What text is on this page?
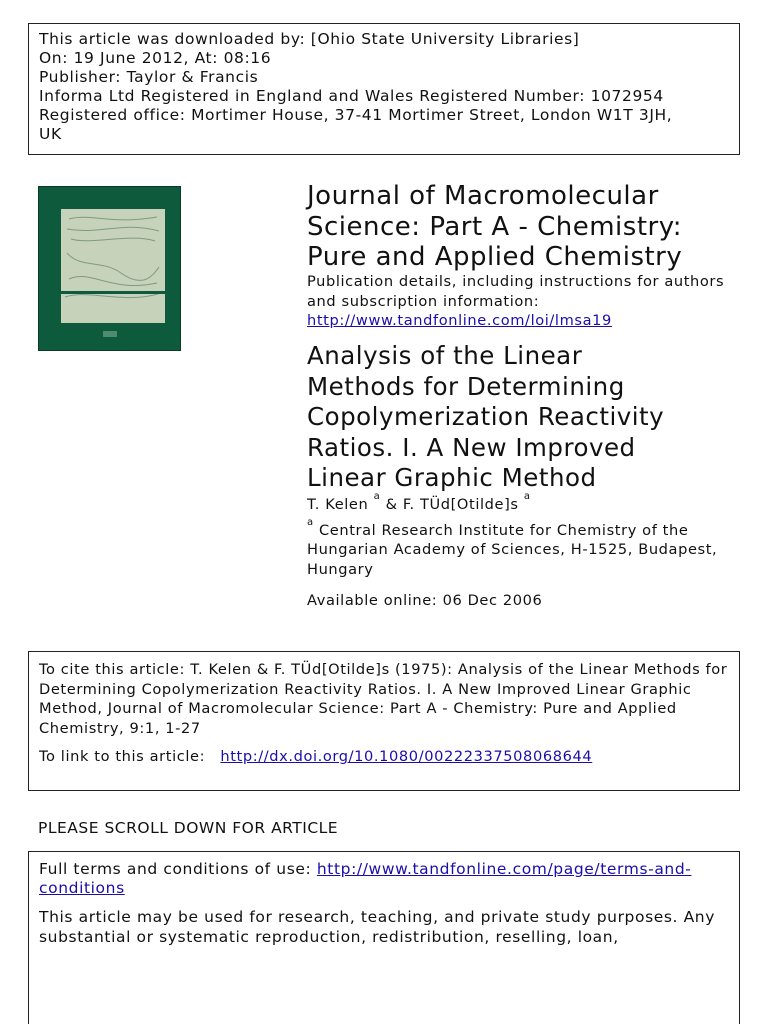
This article was downloaded by: [Ohio State University Libraries]
On: 19 June 2012, At: 08:16
Publisher: Taylor & Francis
Informa Ltd Registered in England and Wales Registered Number: 1072954
Registered office: Mortimer House, 37-41 Mortimer Street, London W1T 3JH,
UK
Journal of Macromolecular
Science: Part A - Chemistry:
Pure and Applied Chemistry
Publication details, including instructions for authors and subscription information:
http://www.tandfonline.com/loi/lmsa19
Analysis of the Linear
Methods for Determining
Copolymerization Reactivity
Ratios. I. A New Improved
Linear Graphic Method
T. Kelen $^a$ & F. TÜd[Otilde]s $^a$
$^a$ Central Research Institute for Chemistry of the Hungarian Academy of Sciences, H-1525, Budapest, Hungary
Available online: 06 Dec 2006
To cite this article: T. Kelen & F. TÜd[Otilde]s (1975): Analysis of the Linear Methods for Determining Copolymerization Reactivity Ratios. I. A New Improved Linear Graphic Method, Journal of Macromolecular Science: Part A - Chemistry: Pure and Applied Chemistry, 9:1, 1-27
To link to this article: http://dx.doi.org/10.1080/00222337508068644
PLEASE SCROLL DOWN FOR ARTICLE
Full terms and conditions of use: http://www.tandfonline.com/page/terms-and-conditions
This article may be used for research, teaching, and private study purposes. Any substantial or systematic reproduction, redistribution, reselling, loan,
